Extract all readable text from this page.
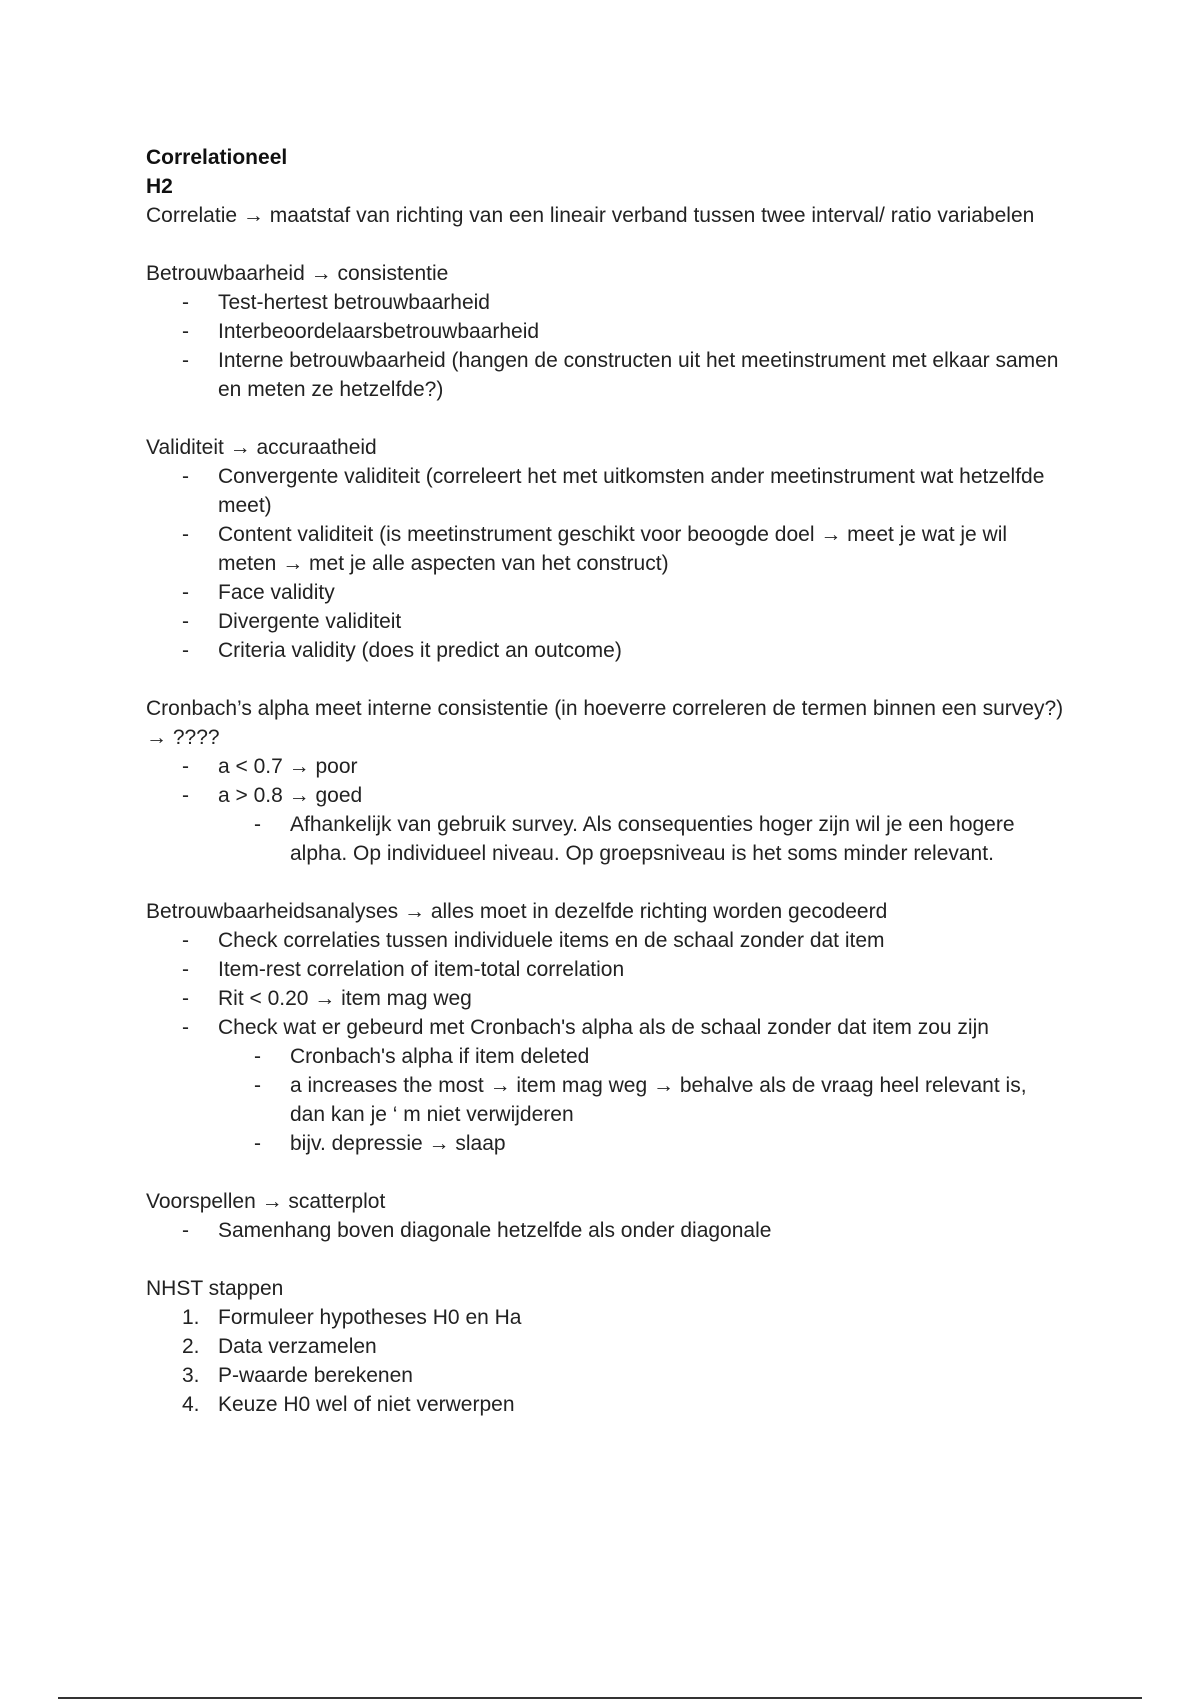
Correlationeel
H2

Correlatie → maatstaf van richting van een lineair verband tussen twee interval/ ratio variabelen

Betrouwbaarheid → consistentie
- Test-hertest betrouwbaarheid
- Interbeoordelaarsbetrouwbaarheid
- Interne betrouwbaarheid (hangen de constructen uit het meetinstrument met elkaar samen en meten ze hetzelfde?)
Validiteit → accuraatheid
- Convergente validiteit (correleert het met uitkomsten ander meetinstrument wat hetzelfde meet)
- Content validiteit (is meetinstrument geschikt voor beoogde doel → meet je wat je wil meten → met je alle aspecten van het construct)
- Face validity
- Divergente validiteit
- Criteria validity (does it predict an outcome)
Cronbach’s alpha meet interne consistentie (in hoeverre correleren de termen binnen een survey?) → ????
- a < 0.7 → poor
- a > 0.8 → goed
- Afhankelijk van gebruik survey. Als consequenties hoger zijn wil je een hogere alpha. Op individueel niveau. Op groepsniveau is het soms minder relevant.
Betrouwbaarheidsanalyses → alles moet in dezelfde richting worden gecodeerd
- Check correlaties tussen individuele items en de schaal zonder dat item
- Item-rest correlation of item-total correlation
- Rit < 0.20 → item mag weg
- Check wat er gebeurd met Cronbach's alpha als de schaal zonder dat item zou zijn
- Cronbach's alpha if item deleted
- a increases the most → item mag weg → behalve als de vraag heel relevant is, dan kan je ‘ m niet verwijderen
- bijv. depressie → slaap
Voorspellen → scatterplot
- Samenhang boven diagonale hetzelfde als onder diagonale
NHST stappen
1. Formuleer hypotheses H0 en Ha
2. Data verzamelen
3. P-waarde berekenen
4. Keuze H0 wel of niet verwerpen
